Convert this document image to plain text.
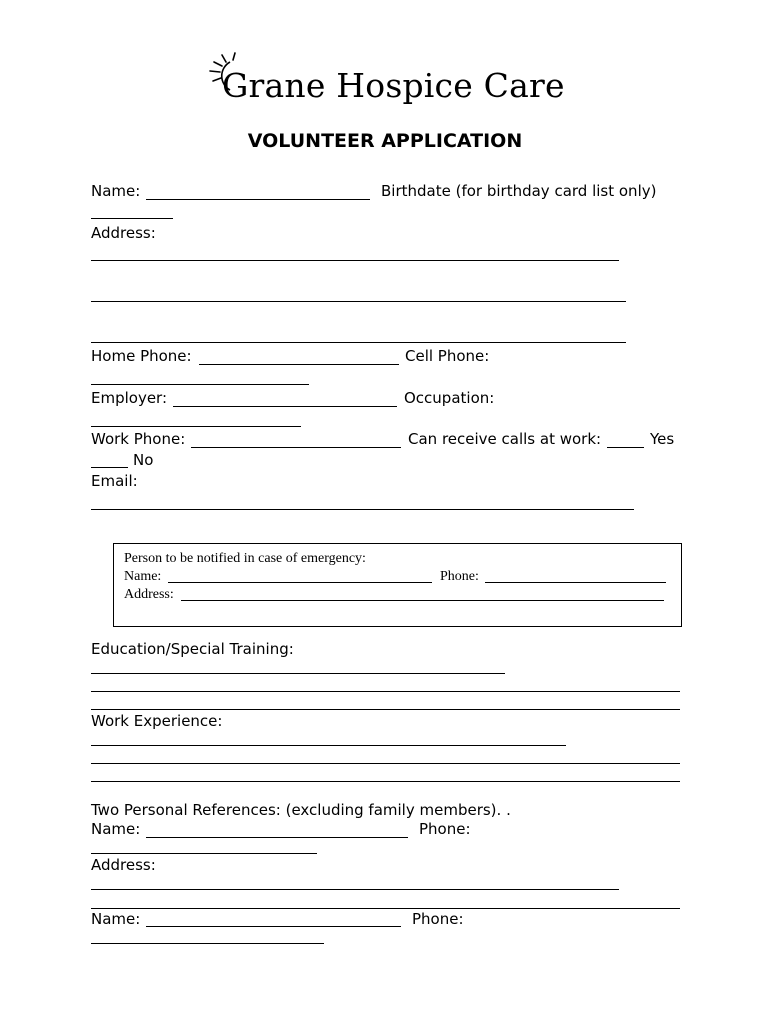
Grane Hospice Care
VOLUNTEER APPLICATION
Name:	Birthdate (for birthday card list only)
Address:
Home Phone:	Cell Phone:
Employer:	Occupation:
Work Phone:	Can receive calls at work:	Yes
No
Email:
Person to be notified in case of emergency:
Name:	Phone:
Address:
Education/Special Training:
Work Experience:
Two Personal References: (excluding family members). .
Name:	Phone:
Address:
Name:	Phone:
